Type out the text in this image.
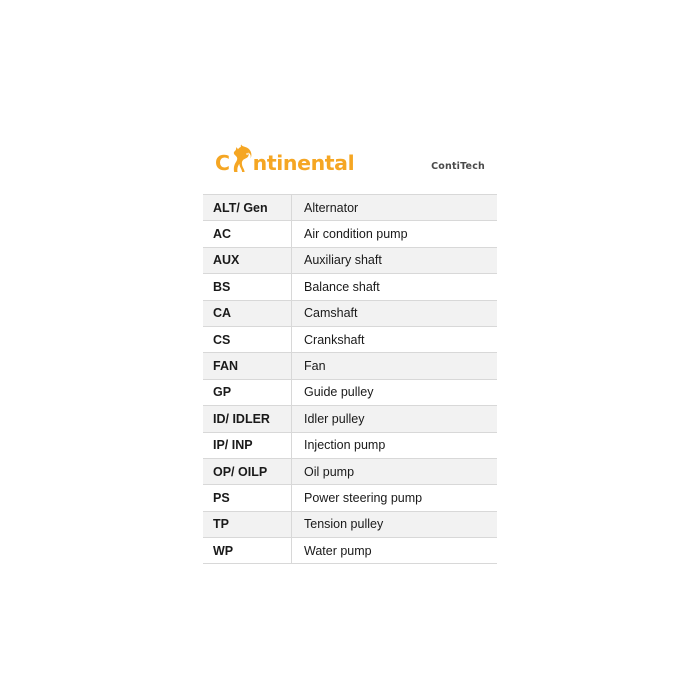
C ntinental	ContiTech
ALT/ Gen	Alternator
AC	Air condition pump
AUX	Auxiliary shaft
BS	Balance shaft
CA	Camshaft
CS	Crankshaft
FAN	Fan
GP	Guide pulley
ID/ IDLER	Idler pulley
IP/ INP	Injection pump
OP/ OILP	Oil pump
PS	Power steering pump
TP	Tension pulley
WP	Water pump
